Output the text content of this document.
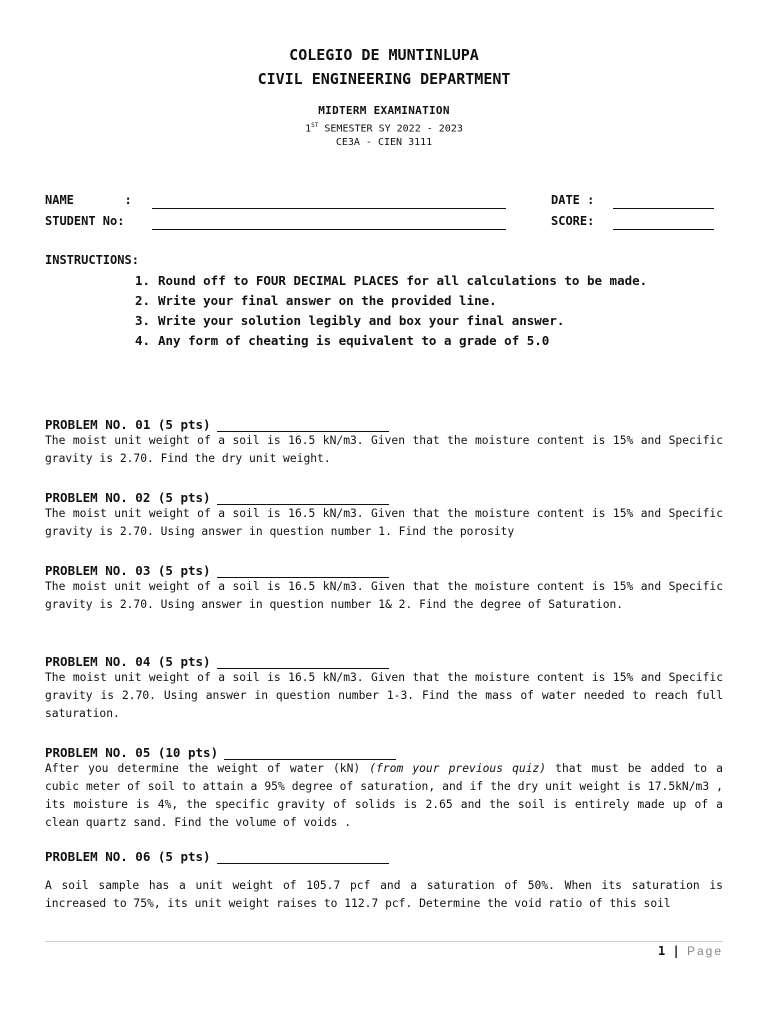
COLEGIO DE MUNTINLUPA
CIVIL ENGINEERING DEPARTMENT
MIDTERM EXAMINATION
1ST SEMESTER SY 2022 - 2023
CE3A - CIEN 3111
NAME       :
STUDENT No:
DATE :
SCORE:
INSTRUCTIONS:
1. Round off to FOUR DECIMAL PLACES for all calculations to be made.
2. Write your final answer on the provided line.
3. Write your solution legibly and box your final answer.
4. Any form of cheating is equivalent to a grade of 5.0
PROBLEM NO. 01 (5 pts)
The moist unit weight of a soil is 16.5 kN/m3. Given that the moisture content is 15% and Specific gravity is 2.70. Find the dry unit weight.
PROBLEM NO. 02 (5 pts)
The moist unit weight of a soil is 16.5 kN/m3. Given that the moisture content is 15% and Specific gravity is 2.70. Using answer in question number 1. Find the porosity
PROBLEM NO. 03 (5 pts)
The moist unit weight of a soil is 16.5 kN/m3. Given that the moisture content is 15% and Specific gravity is 2.70. Using answer in question number 1& 2. Find the degree of Saturation.
PROBLEM NO. 04 (5 pts)
The moist unit weight of a soil is 16.5 kN/m3. Given that the moisture content is 15% and Specific gravity is 2.70. Using answer in question number 1-3. Find the mass of water needed to reach full saturation.
PROBLEM NO. 05 (10 pts)
After you determine the weight of water (kN) (from your previous quiz) that must be added to a cubic meter of soil to attain a 95% degree of saturation, and if the dry unit weight is 17.5kN/m3 , its moisture is 4%, the specific gravity of solids is 2.65 and the soil is entirely made up of a clean quartz sand. Find the volume of voids .
PROBLEM NO. 06 (5 pts)
A soil sample has a unit weight of 105.7 pcf and a saturation of 50%. When its saturation is increased to 75%, its unit weight raises to 112.7 pcf. Determine the void ratio of this soil
1 | Page
